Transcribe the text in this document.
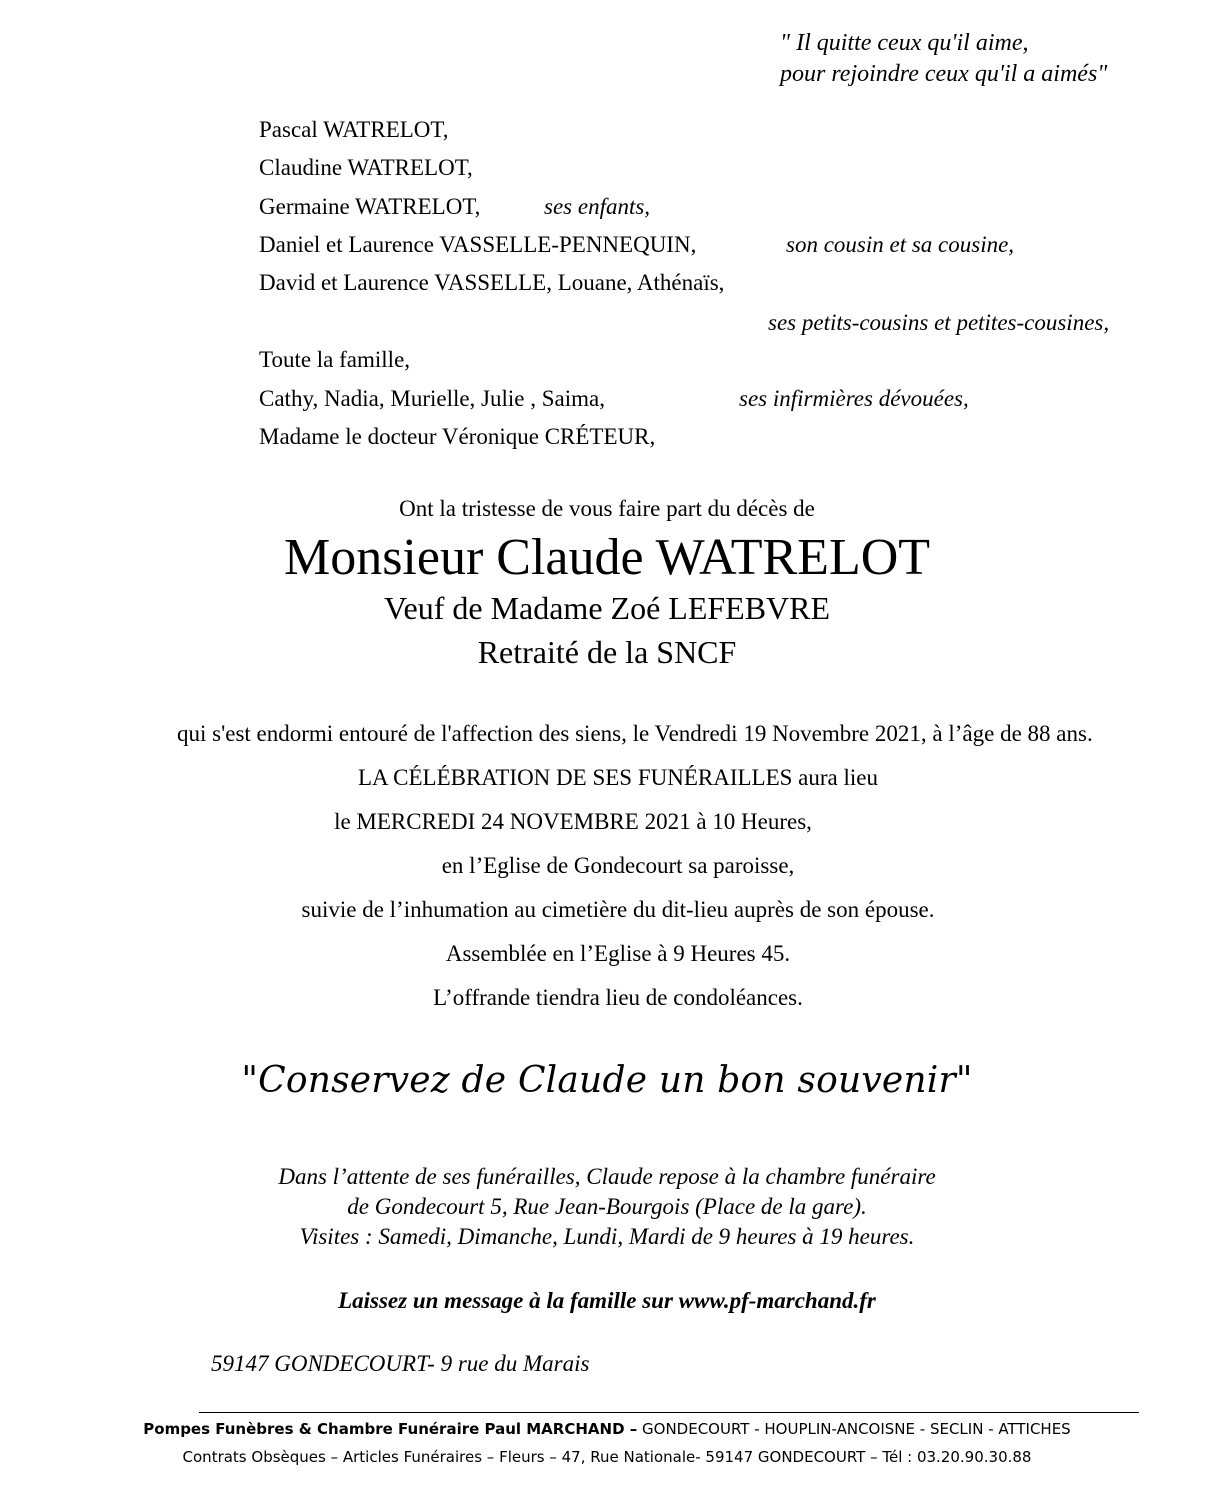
" Il quitte ceux qu'il aime,
pour rejoindre ceux qu'il a aimés"
Pascal WATRELOT,
Claudine WATRELOT,
Germaine WATRELOT,	ses enfants,
Daniel et Laurence VASSELLE-PENNEQUIN,	son cousin et sa cousine,
David et Laurence VASSELLE, Louane, Athénaïs,
ses petits-cousins et petites-cousines,
Toute la famille,
Cathy, Nadia, Murielle, Julie , Saima,	ses infirmières dévouées,
Madame le docteur Véronique CRÉTEUR,
Ont la tristesse de vous faire part du décès de
Monsieur Claude WATRELOT
Veuf de Madame Zoé LEFEBVRE
Retraité de la SNCF
qui s'est endormi entouré de l'affection des siens, le Vendredi 19 Novembre 2021, à l’âge de 88 ans.
LA CÉLÉBRATION DE SES FUNÉRAILLES aura lieu
le MERCREDI 24 NOVEMBRE 2021 à 10 Heures,
en l’Eglise de Gondecourt sa paroisse,
suivie de l’inhumation au cimetière du dit-lieu auprès de son épouse.
Assemblée en l’Eglise à 9 Heures 45.
L’offrande tiendra lieu de condoléances.
"Conservez de Claude un bon souvenir"
Dans l’attente de ses funérailles, Claude repose à la chambre funéraire
de Gondecourt 5, Rue Jean-Bourgois (Place de la gare).
Visites : Samedi, Dimanche, Lundi, Mardi de 9 heures à 19 heures.
Laissez un message à la famille sur www.pf-marchand.fr
59147 GONDECOURT- 9 rue du Marais
Pompes Funèbres & Chambre Funéraire Paul MARCHAND – GONDECOURT - HOUPLIN-ANCOISNE - SECLIN - ATTICHES
Contrats Obsèques – Articles Funéraires – Fleurs – 47, Rue Nationale- 59147 GONDECOURT – Tél : 03.20.90.30.88
